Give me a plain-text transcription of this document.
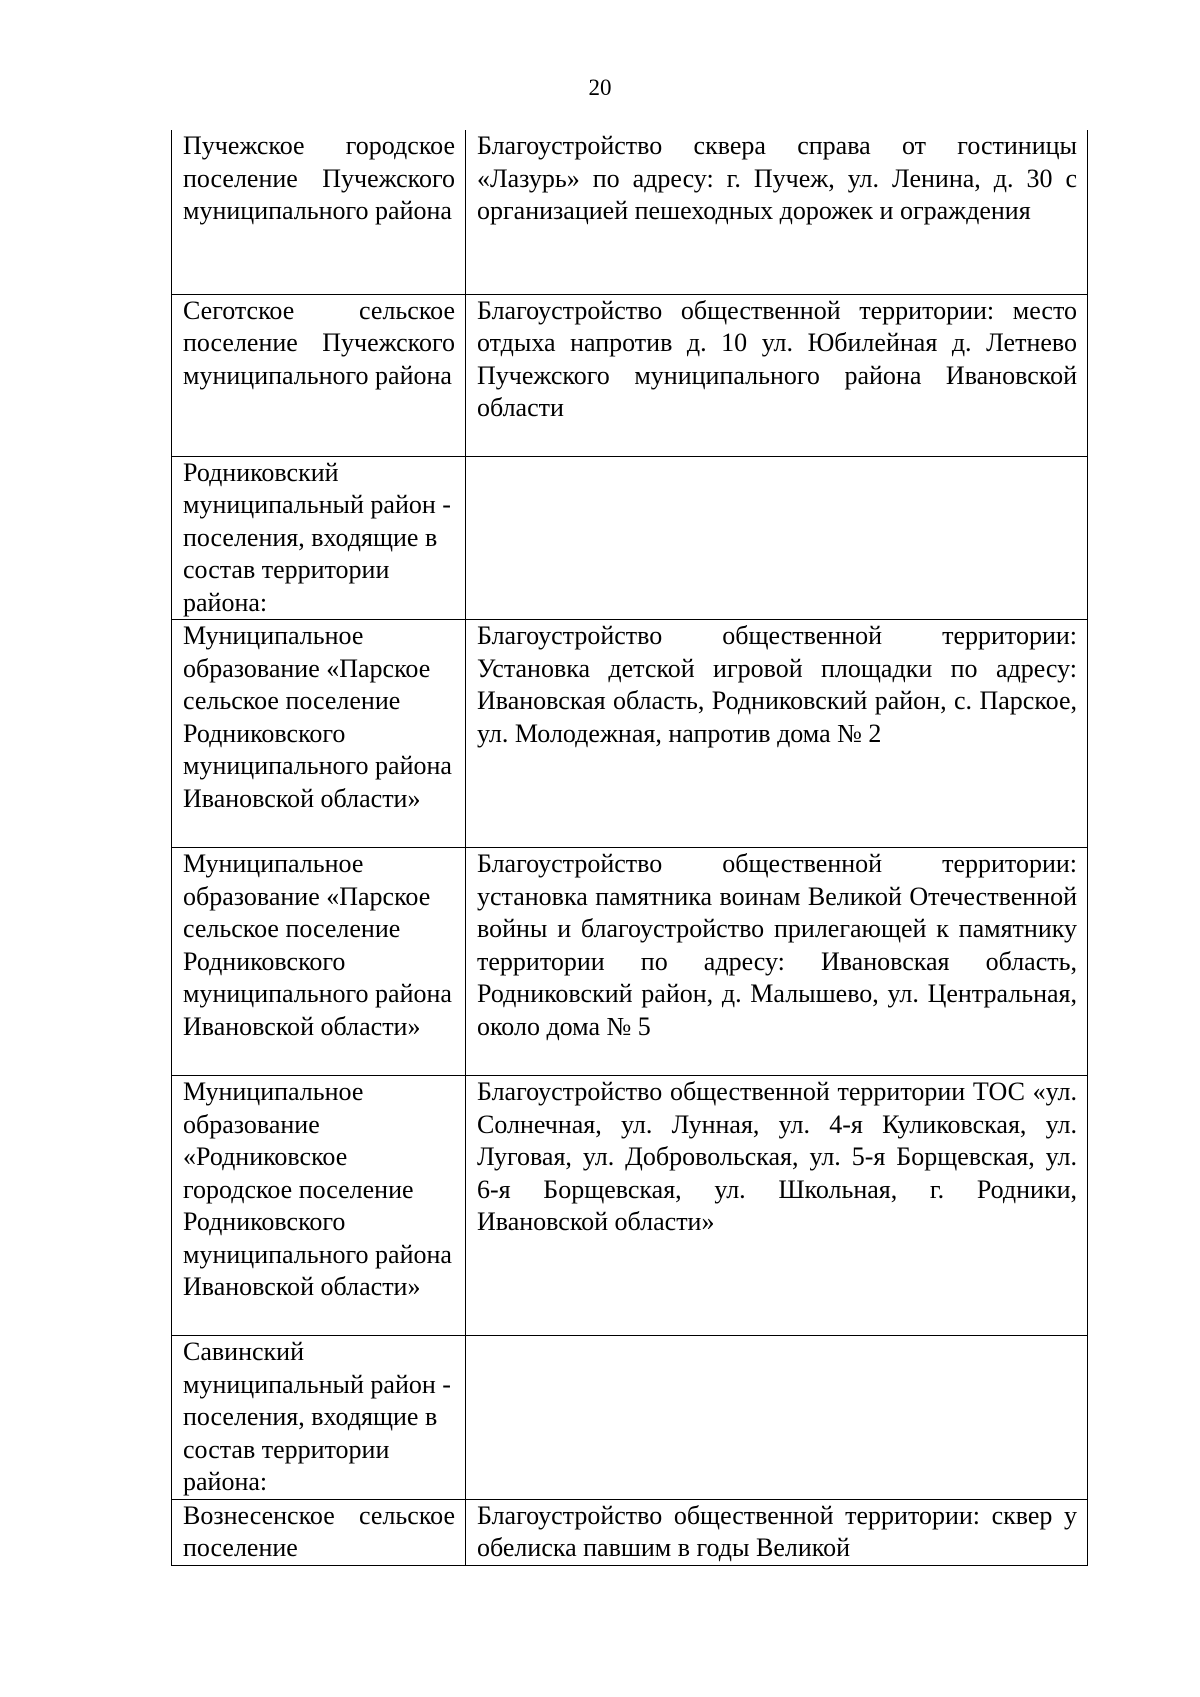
20
Пучежское городское поселение Пучежского муниципального района	Благоустройство сквера справа от гостиницы «Лазурь» по адресу: г. Пучеж, ул. Ленина, д. 30 с организацией пешеходных дорожек и ограждения

Сеготское сельское поселение Пучежского муниципального района	Благоустройство общественной территории: место отдыха напротив д. 10 ул. Юбилейная д. Летнево Пучежского муниципального района Ивановской области

Родниковский муниципальный район - поселения, входящие в состав территории района:	

Муниципальное образование «Парское сельское поселение Родниковского муниципального района Ивановской области»	Благоустройство общественной территории: Установка детской игровой площадки по адресу: Ивановская область, Родниковский район, с. Парское, ул. Молодежная, напротив дома № 2

Муниципальное образование «Парское сельское поселение Родниковского муниципального района Ивановской области»	Благоустройство общественной территории: установка памятника воинам Великой Отечественной войны и благоустройство прилегающей к памятнику территории по адресу: Ивановская область, Родниковский район, д. Малышево, ул. Центральная, около дома № 5

Муниципальное образование «Родниковское городское поселение Родниковского муниципального района Ивановской области»	Благоустройство общественной территории ТОС «ул. Солнечная, ул. Лунная, ул. 4-я Куликовская, ул. Луговая, ул. Добровольская, ул. 5-я Борщевская, ул. 6-я Борщевская, ул. Школьная, г. Родники, Ивановской области»

Савинский муниципальный район - поселения, входящие в состав территории района:	

Вознесенское сельское поселение	Благоустройство общественной территории: сквер у обелиска павшим в годы Великой
